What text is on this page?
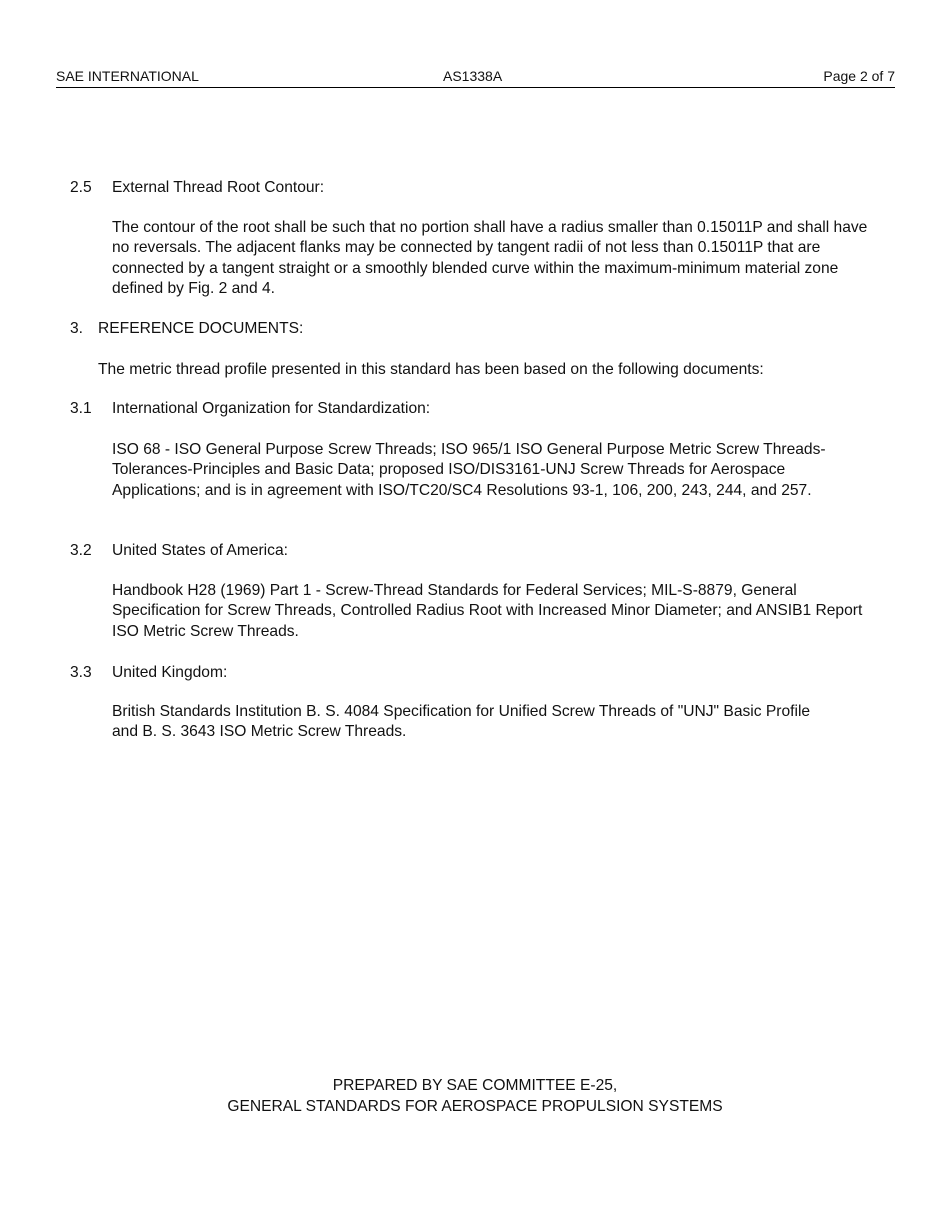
SAE INTERNATIONAL	AS1338A	Page 2 of 7
2.5 External Thread Root Contour:
The contour of the root shall be such that no portion shall have a radius smaller than 0.15011P and shall have no reversals. The adjacent flanks may be connected by tangent radii of not less than 0.15011P that are connected by a tangent straight or a smoothly blended curve within the maximum-minimum material zone defined by Fig. 2 and 4.
3. REFERENCE DOCUMENTS:
The metric thread profile presented in this standard has been based on the following documents:
3.1 International Organization for Standardization:
ISO 68 - ISO General Purpose Screw Threads; ISO 965/1 ISO General Purpose Metric Screw Threads-Tolerances-Principles and Basic Data; proposed ISO/DIS3161-UNJ Screw Threads for Aerospace Applications; and is in agreement with ISO/TC20/SC4 Resolutions 93-1, 106, 200, 243, 244, and 257.
3.2 United States of America:
Handbook H28 (1969) Part 1 - Screw-Thread Standards for Federal Services; MIL-S-8879, General Specification for Screw Threads, Controlled Radius Root with Increased Minor Diameter; and ANSIB1 Report ISO Metric Screw Threads.
3.3 United Kingdom:
British Standards Institution B. S. 4084 Specification for Unified Screw Threads of "UNJ" Basic Profile and B. S. 3643 ISO Metric Screw Threads.
PREPARED BY SAE COMMITTEE E-25,
GENERAL STANDARDS FOR AEROSPACE PROPULSION SYSTEMS
